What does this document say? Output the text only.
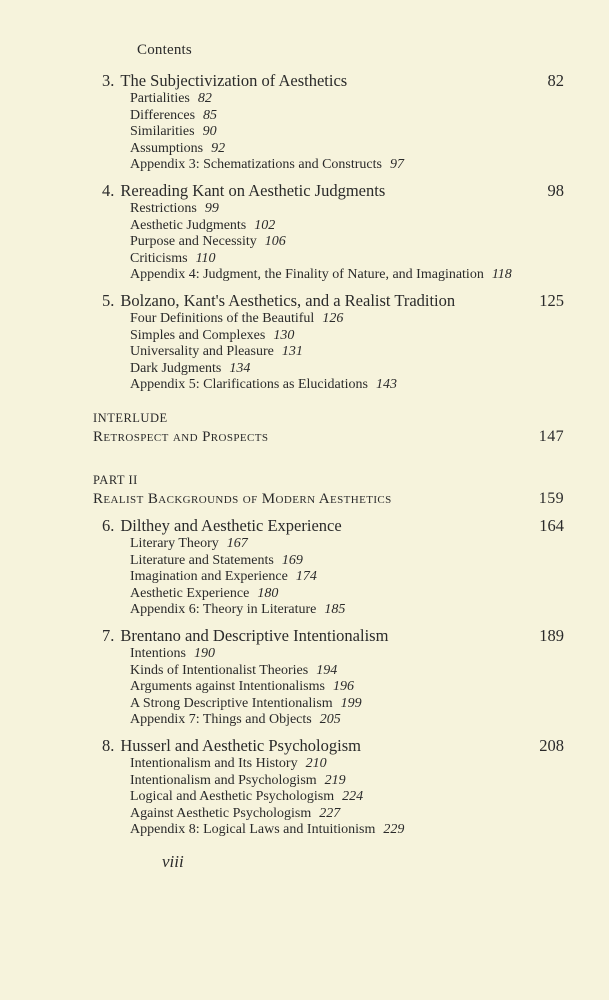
Contents
3. The Subjectivization of Aesthetics	82
Partialities 82
Differences 85
Similarities 90
Assumptions 92
Appendix 3: Schematizations and Constructs 97
4. Rereading Kant on Aesthetic Judgments	98
Restrictions 99
Aesthetic Judgments 102
Purpose and Necessity 106
Criticisms 110
Appendix 4: Judgment, the Finality of Nature, and Imagination 118
5. Bolzano, Kant's Aesthetics, and a Realist Tradition	125
Four Definitions of the Beautiful 126
Simples and Complexes 130
Universality and Pleasure 131
Dark Judgments 134
Appendix 5: Clarifications as Elucidations 143
INTERLUDE
Retrospect and Prospects	147
PART II
Realist Backgrounds of Modern Aesthetics	159
6. Dilthey and Aesthetic Experience	164
Literary Theory 167
Literature and Statements 169
Imagination and Experience 174
Aesthetic Experience 180
Appendix 6: Theory in Literature 185
7. Brentano and Descriptive Intentionalism	189
Intentions 190
Kinds of Intentionalist Theories 194
Arguments against Intentionalisms 196
A Strong Descriptive Intentionalism 199
Appendix 7: Things and Objects 205
8. Husserl and Aesthetic Psychologism	208
Intentionalism and Its History 210
Intentionalism and Psychologism 219
Logical and Aesthetic Psychologism 224
Against Aesthetic Psychologism 227
Appendix 8: Logical Laws and Intuitionism 229
viii
